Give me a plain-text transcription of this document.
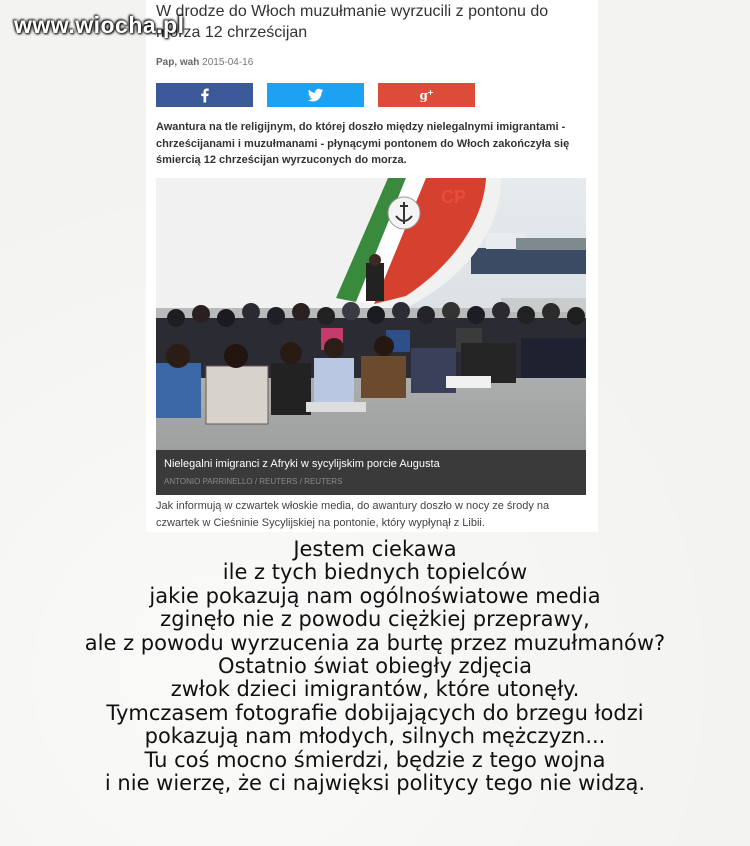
www.wiocha.pl
W drodze do Włoch muzułmanie wyrzucili z pontonu do morza 12 chrześcijan
Pap, wah 2015-04-16
g +
Awantura na tle religijnym, do której doszło między nielegalnymi imigrantami - chrześcijanami i muzułmanami - płynącymi pontonem do Włoch zakończyła się śmiercią 12 chrześcijan wyrzuconych do morza.
CP
Nielegalni imigranci z Afryki w sycylijskim porcie Augusta
ANTONIO PARRINELLO / REUTERS / REUTERS
Jak informują w czwartek włoskie media, do awantury doszło w nocy ze środy na czwartek w Cieśninie Sycylijskiej na pontonie, który wypłynął z Libii.
Jestem ciekawa
ile z tych biednych topielców
jakie pokazują nam ogólnoświatowe media
zginęło nie z powodu ciężkiej przeprawy,
ale z powodu wyrzucenia za burtę przez muzułmanów?
Ostatnio świat obiegły zdjęcia
zwłok dzieci imigrantów, które utonęły.
Tymczasem fotografie dobijających do brzegu łodzi
pokazują nam młodych, silnych mężczyzn...
Tu coś mocno śmierdzi, będzie z tego wojna
i nie wierzę, że ci najwięksi politycy tego nie widzą.
